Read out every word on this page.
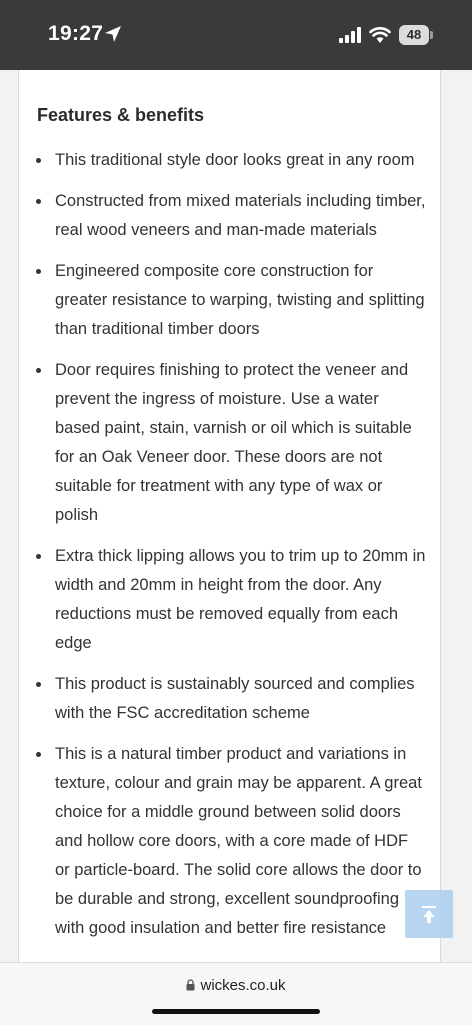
19:27	48
Features & benefits
This traditional style door looks great in any room
Constructed from mixed materials including timber, real wood veneers and man-made materials
Engineered composite core construction for greater resistance to warping, twisting and splitting than traditional timber doors
Door requires finishing to protect the veneer and prevent the ingress of moisture. Use a water based paint, stain, varnish or oil which is suitable for an Oak Veneer door. These doors are not suitable for treatment with any type of wax or polish
Extra thick lipping allows you to trim up to 20mm in width and 20mm in height from the door. Any reductions must be removed equally from each edge
This product is sustainably sourced and complies with the FSC accreditation scheme
This is a natural timber product and variations in texture, colour and grain may be apparent. A great choice for a middle ground between solid doors and hollow core doors, with a core made of HDF or particle-board. The solid core allows the door to be durable and strong, excellent soundproofing with good insulation and better fire resistance
wickes.co.uk
